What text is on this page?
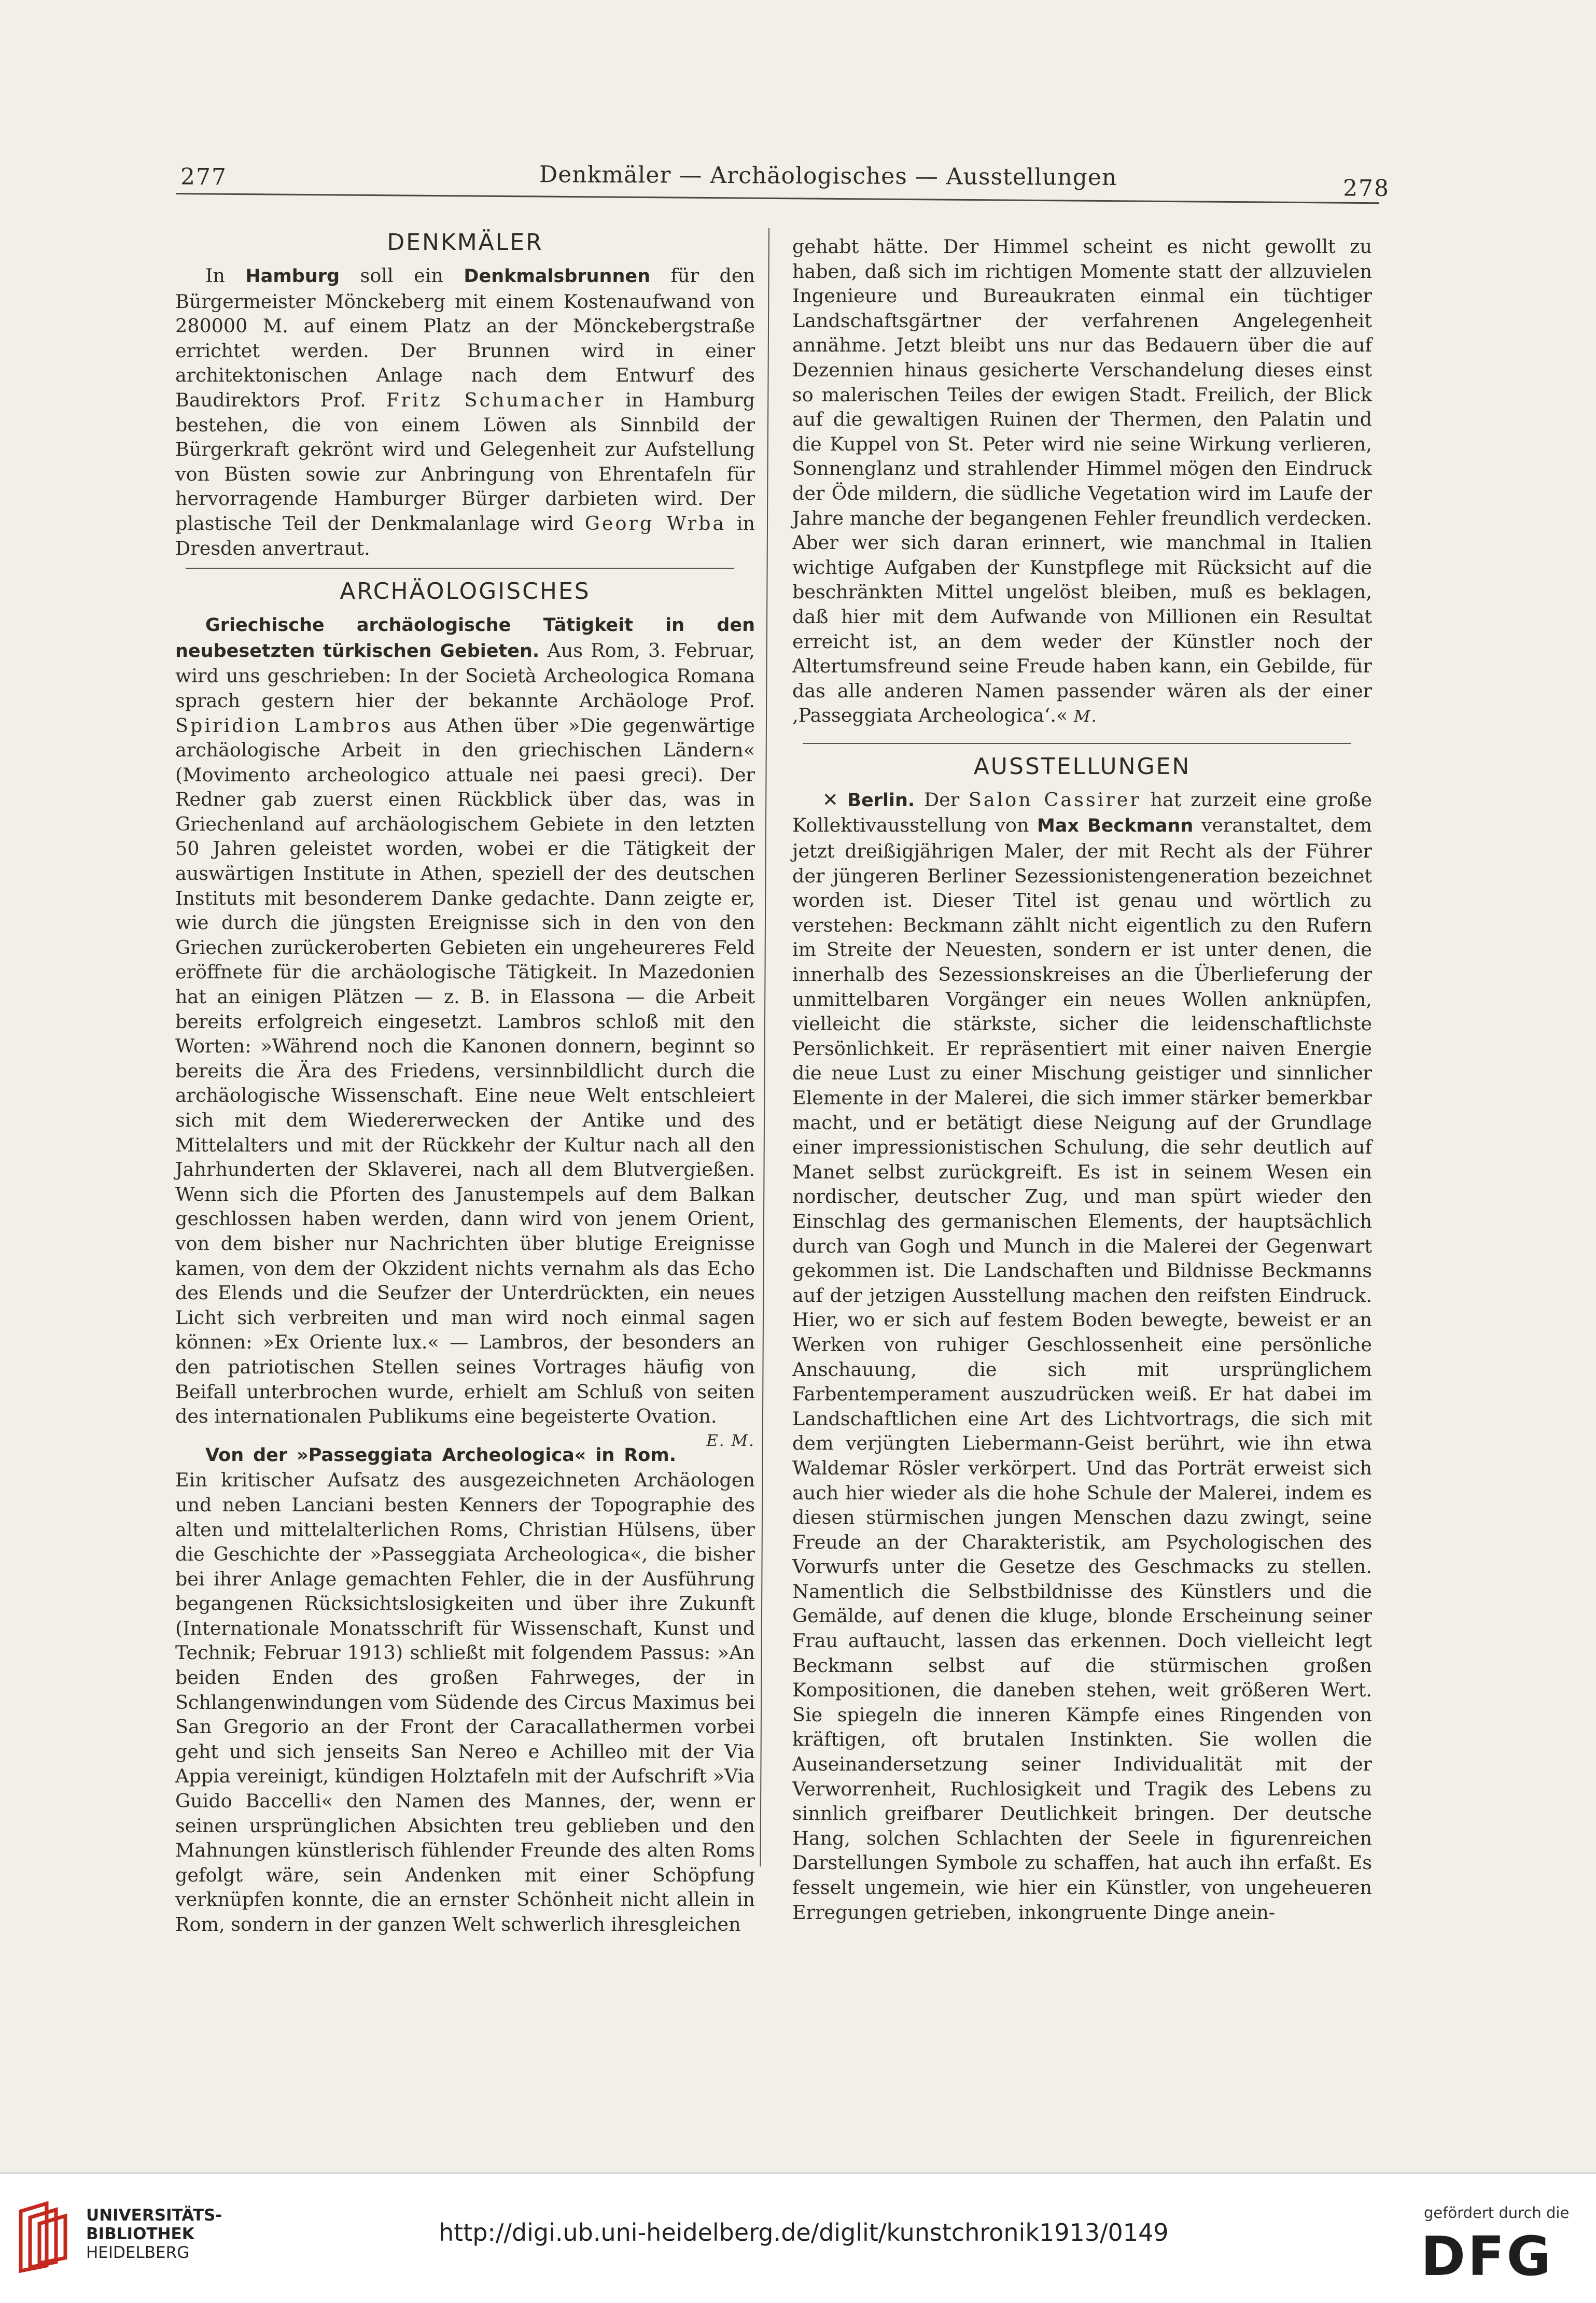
277	Denkmäler — Archäologisches — Ausstellungen	278
DENKMÄLER

In Hamburg soll ein Denkmalsbrunnen für den Bürgermeister Mönckeberg mit einem Kostenaufwand von 280000 M. auf einem Platz an der Mönckebergstraße errichtet werden. Der Brunnen wird in einer architektonischen Anlage nach dem Entwurf des Baudirektors Prof. Fritz Schumacher in Hamburg bestehen, die von einem Löwen als Sinnbild der Bürgerkraft gekrönt wird und Gelegenheit zur Aufstellung von Büsten sowie zur Anbringung von Ehrentafeln für hervorragende Hamburger Bürger darbieten wird. Der plastische Teil der Denkmalanlage wird Georg Wrba in Dresden anvertraut.

ARCHÄOLOGISCHES

Griechische archäologische Tätigkeit in den neubesetzten türkischen Gebieten. Aus Rom, 3. Februar, wird uns geschrieben: In der Società Archeologica Romana sprach gestern hier der bekannte Archäologe Prof. Spiridion Lambros aus Athen über »Die gegenwärtige archäologische Arbeit in den griechischen Ländern« (Movimento archeologico attuale nei paesi greci). Der Redner gab zuerst einen Rückblick über das, was in Griechenland auf archäologischem Gebiete in den letzten 50 Jahren geleistet worden, wobei er die Tätigkeit der auswärtigen Institute in Athen, speziell der des deutschen Instituts mit besonderem Danke gedachte. Dann zeigte er, wie durch die jüngsten Ereignisse sich in den von den Griechen zurückeroberten Gebieten ein ungeheureres Feld eröffnete für die archäologische Tätigkeit. In Mazedonien hat an einigen Plätzen — z. B. in Elassona — die Arbeit bereits erfolgreich eingesetzt. Lambros schloß mit den Worten: »Während noch die Kanonen donnern, beginnt so bereits die Ära des Friedens, versinnbildlicht durch die archäologische Wissenschaft. Eine neue Welt entschleiert sich mit dem Wiedererwecken der Antike und des Mittelalters und mit der Rückkehr der Kultur nach all den Jahrhunderten der Sklaverei, nach all dem Blutvergießen. Wenn sich die Pforten des Janustempels auf dem Balkan geschlossen haben werden, dann wird von jenem Orient, von dem bisher nur Nachrichten über blutige Ereignisse kamen, von dem der Okzident nichts vernahm als das Echo des Elends und die Seufzer der Unterdrückten, ein neues Licht sich verbreiten und man wird noch einmal sagen können: »Ex Oriente lux.« — Lambros, der besonders an den patriotischen Stellen seines Vortrages häufig von Beifall unterbrochen wurde, erhielt am Schluß von seiten des internationalen Publikums eine begeisterte Ovation.
E. M.

Von der »Passeggiata Archeologica« in Rom. Ein kritischer Aufsatz des ausgezeichneten Archäologen und neben Lanciani besten Kenners der Topographie des alten und mittelalterlichen Roms, Christian Hülsens, über die Geschichte der »Passeggiata Archeologica«, die bisher bei ihrer Anlage gemachten Fehler, die in der Ausführung begangenen Rücksichtslosigkeiten und über ihre Zukunft (Internationale Monatsschrift für Wissenschaft, Kunst und Technik; Februar 1913) schließt mit folgendem Passus: »An beiden Enden des großen Fahrweges, der in Schlangenwindungen vom Südende des Circus Maximus bei San Gregorio an der Front der Caracallathermen vorbei geht und sich jenseits San Nereo e Achilleo mit der Via Appia vereinigt, kündigen Holztafeln mit der Aufschrift »Via Guido Baccelli« den Namen des Mannes, der, wenn er seinen ursprünglichen Absichten treu geblieben und den Mahnungen künstlerisch fühlender Freunde des alten Roms gefolgt wäre, sein Andenken mit einer Schöpfung verknüpfen konnte, die an ernster Schönheit nicht allein in Rom, sondern in der ganzen Welt schwerlich ihresgleichen

gehabt hätte. Der Himmel scheint es nicht gewollt zu haben, daß sich im richtigen Momente statt der allzuvielen Ingenieure und Bureaukraten einmal ein tüchtiger Landschaftsgärtner der verfahrenen Angelegenheit annähme. Jetzt bleibt uns nur das Bedauern über die auf Dezennien hinaus gesicherte Verschandelung dieses einst so malerischen Teiles der ewigen Stadt. Freilich, der Blick auf die gewaltigen Ruinen der Thermen, den Palatin und die Kuppel von St. Peter wird nie seine Wirkung verlieren, Sonnenglanz und strahlender Himmel mögen den Eindruck der Öde mildern, die südliche Vegetation wird im Laufe der Jahre manche der begangenen Fehler freundlich verdecken. Aber wer sich daran erinnert, wie manchmal in Italien wichtige Aufgaben der Kunstpflege mit Rücksicht auf die beschränkten Mittel ungelöst bleiben, muß es beklagen, daß hier mit dem Aufwande von Millionen ein Resultat erreicht ist, an dem weder der Künstler noch der Altertumsfreund seine Freude haben kann, ein Gebilde, für das alle anderen Namen passender wären als der einer ‚Passeggiata Archeologica‘.« M.

AUSSTELLUNGEN

✕ Berlin. Der Salon Cassirer hat zurzeit eine große Kollektivausstellung von Max Beckmann veranstaltet, dem jetzt dreißigjährigen Maler, der mit Recht als der Führer der jüngeren Berliner Sezessionistengeneration bezeichnet worden ist. Dieser Titel ist genau und wörtlich zu verstehen: Beckmann zählt nicht eigentlich zu den Rufern im Streite der Neuesten, sondern er ist unter denen, die innerhalb des Sezessionskreises an die Überlieferung der unmittelbaren Vorgänger ein neues Wollen anknüpfen, vielleicht die stärkste, sicher die leidenschaftlichste Persönlichkeit. Er repräsentiert mit einer naiven Energie die neue Lust zu einer Mischung geistiger und sinnlicher Elemente in der Malerei, die sich immer stärker bemerkbar macht, und er betätigt diese Neigung auf der Grundlage einer impressionistischen Schulung, die sehr deutlich auf Manet selbst zurückgreift. Es ist in seinem Wesen ein nordischer, deutscher Zug, und man spürt wieder den Einschlag des germanischen Elements, der hauptsächlich durch van Gogh und Munch in die Malerei der Gegenwart gekommen ist. Die Landschaften und Bildnisse Beckmanns auf der jetzigen Ausstellung machen den reifsten Eindruck. Hier, wo er sich auf festem Boden bewegte, beweist er an Werken von ruhiger Geschlossenheit eine persönliche Anschauung, die sich mit ursprünglichem Farbentemperament auszudrücken weiß. Er hat dabei im Landschaftlichen eine Art des Lichtvortrags, die sich mit dem verjüngten Liebermann-Geist berührt, wie ihn etwa Waldemar Rösler verkörpert. Und das Porträt erweist sich auch hier wieder als die hohe Schule der Malerei, indem es diesen stürmischen jungen Menschen dazu zwingt, seine Freude an der Charakteristik, am Psychologischen des Vorwurfs unter die Gesetze des Geschmacks zu stellen. Namentlich die Selbstbildnisse des Künstlers und die Gemälde, auf denen die kluge, blonde Erscheinung seiner Frau auftaucht, lassen das erkennen. Doch vielleicht legt Beckmann selbst auf die stürmischen großen Kompositionen, die daneben stehen, weit größeren Wert. Sie spiegeln die inneren Kämpfe eines Ringenden von kräftigen, oft brutalen Instinkten. Sie wollen die Auseinandersetzung seiner Individualität mit der Verworrenheit, Ruchlosigkeit und Tragik des Lebens zu sinnlich greifbarer Deutlichkeit bringen. Der deutsche Hang, solchen Schlachten der Seele in figurenreichen Darstellungen Symbole zu schaffen, hat auch ihn erfaßt. Es fesselt ungemein, wie hier ein Künstler, von ungeheueren Erregungen getrieben, inkongruente Dinge anein-

UNIVERSITÄTS-
BIBLIOTHEK
HEIDELBERG
http://digi.ub.uni-heidelberg.de/diglit/kunstchronik1913/0149
gefördert durch die
DFG
